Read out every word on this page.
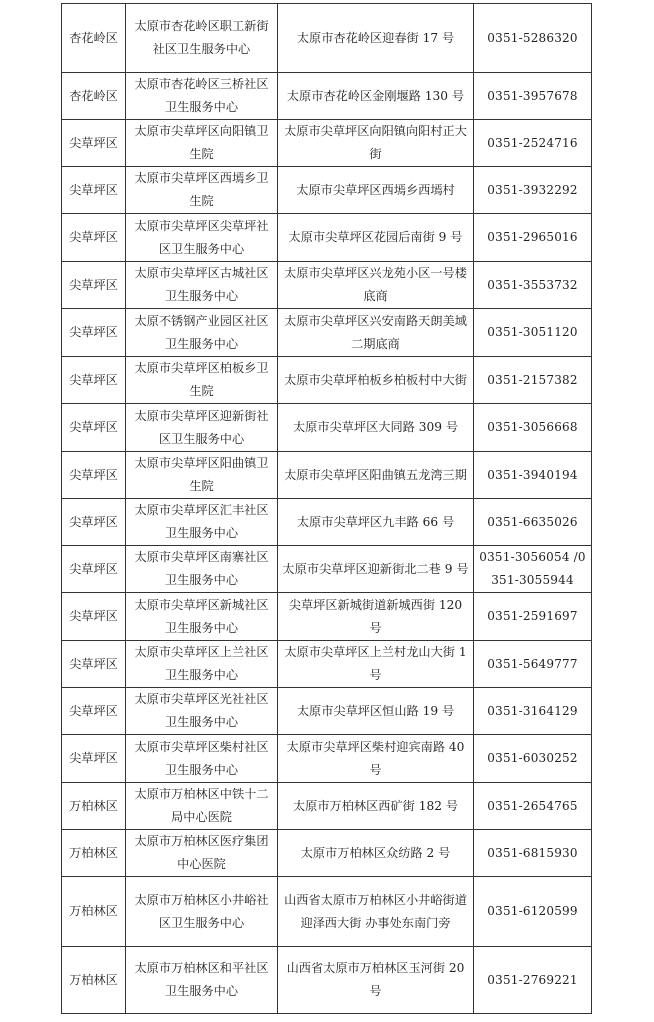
杏花岭区	太原市杏花岭区职工新街社区卫生服务中心	太原市杏花岭区迎春街 17 号	0351-5286320
杏花岭区	太原市杏花岭区三桥社区卫生服务中心	太原市杏花岭区金刚堰路 130 号	0351-3957678
尖草坪区	太原市尖草坪区向阳镇卫生院	太原市尖草坪区向阳镇向阳村正大街	0351-2524716
尖草坪区	太原市尖草坪区西墕乡卫生院	太原市尖草坪区西墕乡西墕村	0351-3932292
尖草坪区	太原市尖草坪区尖草坪社区卫生服务中心	太原市尖草坪区花园后南街 9 号	0351-2965016
尖草坪区	太原市尖草坪区古城社区卫生服务中心	太原市尖草坪区兴龙苑小区一号楼底商	0351-3553732
尖草坪区	太原不锈钢产业园区社区卫生服务中心	太原市尖草坪区兴安南路天朗美域二期底商	0351-3051120
尖草坪区	太原市尖草坪区柏板乡卫生院	太原市尖草坪柏板乡柏板村中大街	0351-2157382
尖草坪区	太原市尖草坪区迎新街社区卫生服务中心	太原市尖草坪区大同路 309 号	0351-3056668
尖草坪区	太原市尖草坪区阳曲镇卫生院	太原市尖草坪区阳曲镇五龙湾三期	0351-3940194
尖草坪区	太原市尖草坪区汇丰社区卫生服务中心	太原市尖草坪区九丰路 66 号	0351-6635026
尖草坪区	太原市尖草坪区南寨社区卫生服务中心	太原市尖草坪区迎新街北二巷 9 号	0351-3056054 /0351-3055944
尖草坪区	太原市尖草坪区新城社区卫生服务中心	尖草坪区新城街道新城西街 120 号	0351-2591697
尖草坪区	太原市尖草坪区上兰社区卫生服务中心	太原市尖草坪区上兰村龙山大街 1 号	0351-5649777
尖草坪区	太原市尖草坪区光社社区卫生服务中心	太原市尖草坪区恒山路 19 号	0351-3164129
尖草坪区	太原市尖草坪区柴村社区卫生服务中心	太原市尖草坪区柴村迎宾南路 40 号	0351-6030252
万柏林区	太原市万柏林区中铁十二局中心医院	太原市万柏林区西矿街 182 号	0351-2654765
万柏林区	太原市万柏林区医疗集团中心医院	太原市万柏林区众纺路 2 号	0351-6815930
万柏林区	太原市万柏林区小井峪社区卫生服务中心	山西省太原市万柏林区小井峪街道迎泽西大街 办事处东南门旁	0351-6120599
万柏林区	太原市万柏林区和平社区卫生服务中心	山西省太原市万柏林区玉河街 20 号	0351-2769221
